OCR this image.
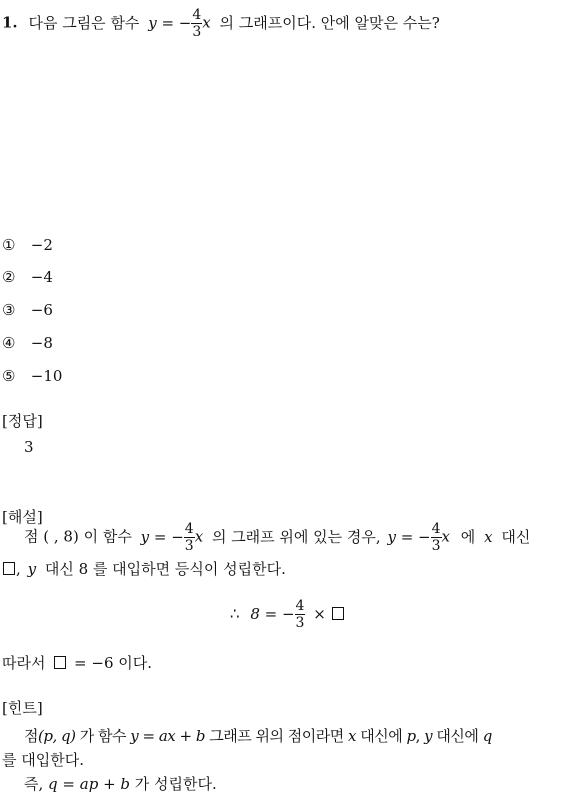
1. 다음 그림은 함수 y = − $\frac{4}{3}$ x 의 그래프이다. 안에 알맞은 수는?
① −2
② −4
③ −6
④ −8
⑤ −10
[정답]
3
[해설]
점 ( , 8) 이 함수 y = − $\frac{4}{3}$ x 의 그래프 위에 있는 경우, y = − $\frac{4}{3}$ x 에 x 대신
, y 대신 8 를 대입하면 등식이 성립한다.
∴ 8 = − $\frac{4}{3}$ ×
따라서 = −6 이다.
[힌트]
점(p, q) 가 함수 y = ax + b 그래프 위의 점이라면 x 대신에 p, y 대신에 q
를 대입한다.
즉, q = ap + b 가 성립한다.
